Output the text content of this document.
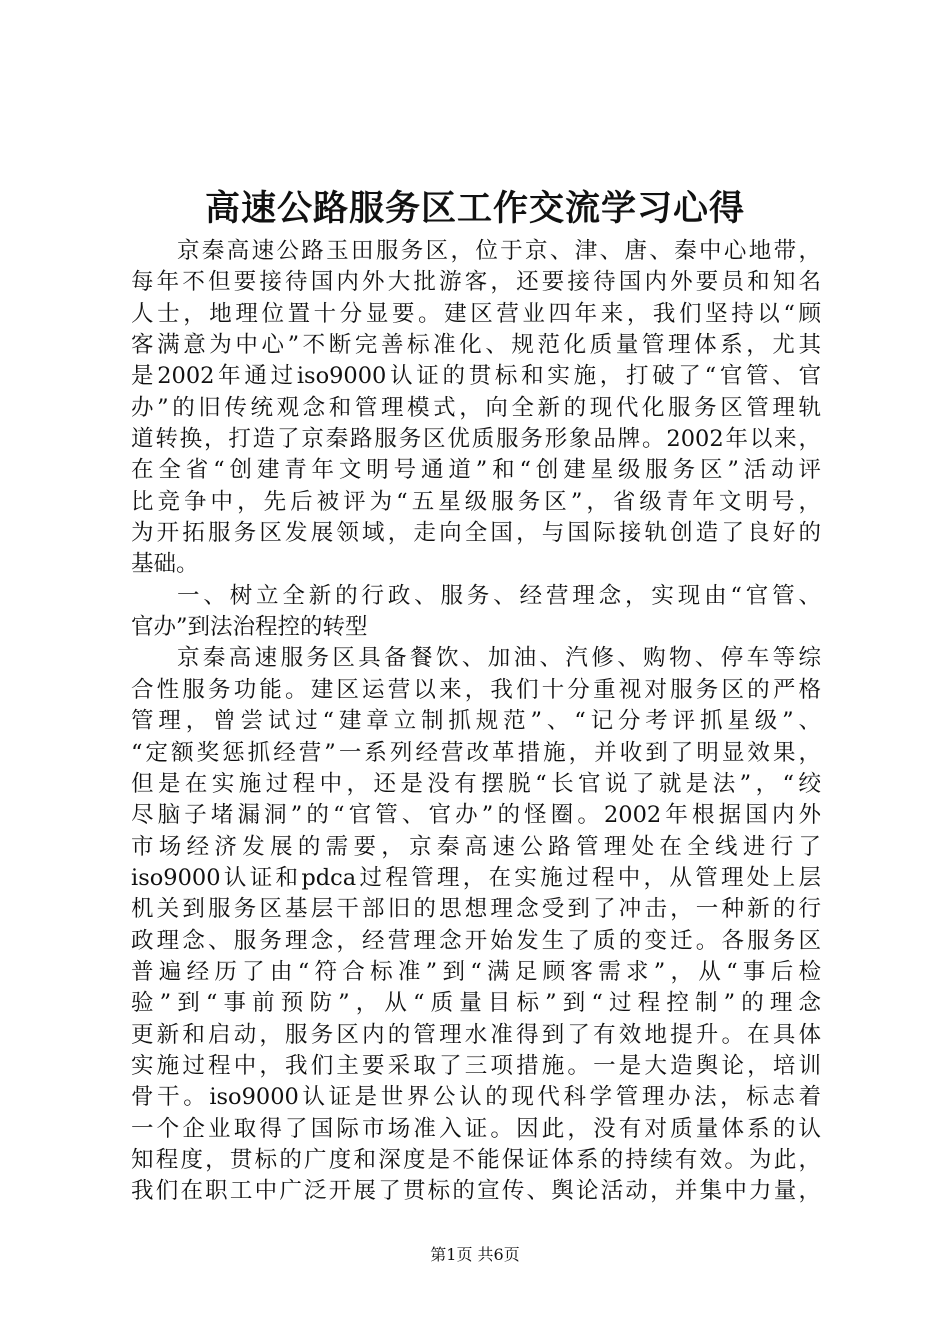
高速公路服务区工作交流学习心得
京秦高速公路玉田服务区，位于京、津、唐、秦中心地带，
每年不但要接待国内外大批游客，还要接待国内外要员和知名
人士，地理位置十分显要。建区营业四年来，我们坚持以“顾
客满意为中心”不断完善标准化、规范化质量管理体系，尤其
是2002年通过iso9000认证的贯标和实施，打破了“官管、官
办”的旧传统观念和管理模式，向全新的现代化服务区管理轨
道转换，打造了京秦路服务区优质服务形象品牌。2002年以来，
在全省“创建青年文明号通道”和“创建星级服务区”活动评
比竞争中，先后被评为“五星级服务区”，省级青年文明号，
为开拓服务区发展领域，走向全国，与国际接轨创造了良好的
基础。
一、树立全新的行政、服务、经营理念，实现由“官管、
官办”到法治程控的转型
京秦高速服务区具备餐饮、加油、汽修、购物、停车等综
合性服务功能。建区运营以来，我们十分重视对服务区的严格
管理，曾尝试过“建章立制抓规范”、“记分考评抓星级”、
“定额奖惩抓经营”一系列经营改革措施，并收到了明显效果，
但是在实施过程中，还是没有摆脱“长官说了就是法”，“绞
尽脑子堵漏洞”的“官管、官办”的怪圈。2002年根据国内外
市场经济发展的需要，京秦高速公路管理处在全线进行了
iso9000认证和pdca过程管理，在实施过程中，从管理处上层
机关到服务区基层干部旧的思想理念受到了冲击，一种新的行
政理念、服务理念，经营理念开始发生了质的变迁。各服务区
普遍经历了由“符合标准”到“满足顾客需求”，从“事后检
验”到“事前预防”，从“质量目标”到“过程控制”的理念
更新和启动，服务区内的管理水准得到了有效地提升。在具体
实施过程中，我们主要采取了三项措施。一是大造舆论，培训
骨干。iso9000认证是世界公认的现代科学管理办法，标志着
一个企业取得了国际市场准入证。因此，没有对质量体系的认
知程度，贯标的广度和深度是不能保证体系的持续有效。为此，
我们在职工中广泛开展了贯标的宣传、舆论活动，并集中力量，
第1页 共6页
